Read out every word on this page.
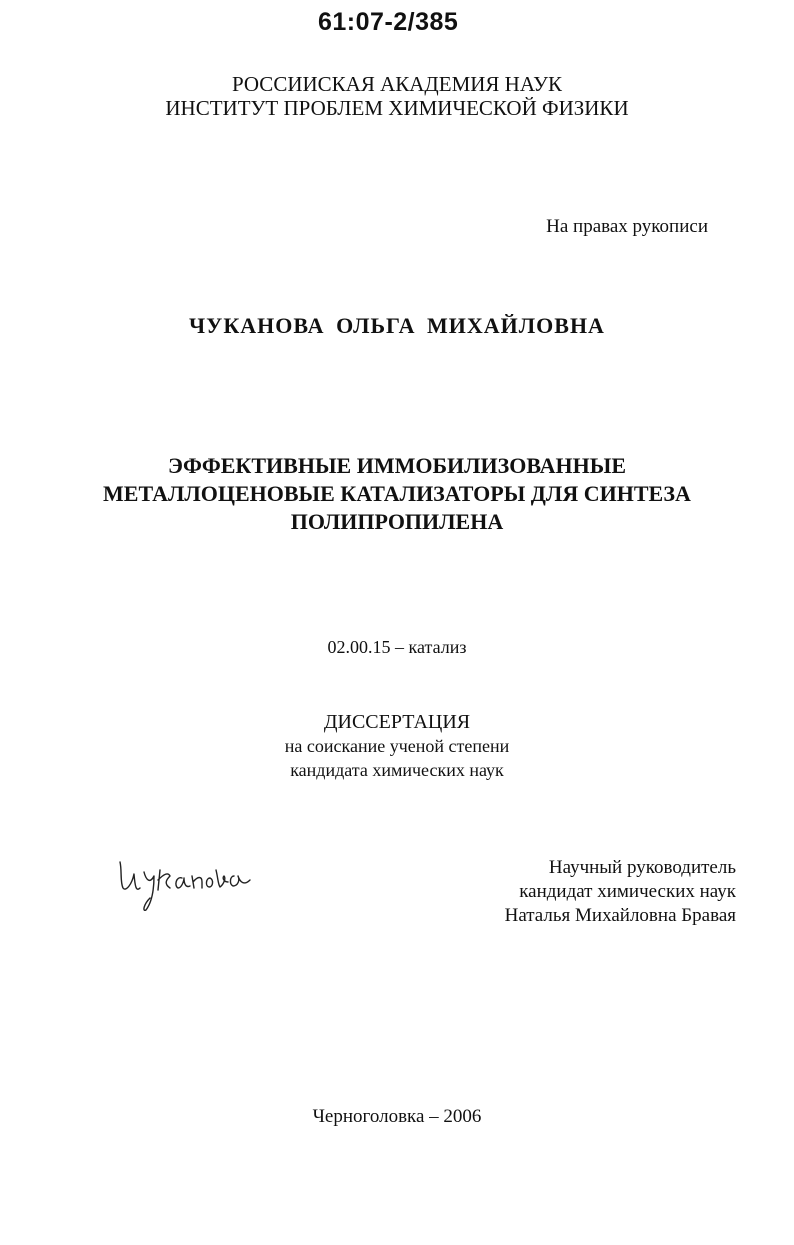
61:07-2/385
РОССИИСКАЯ АКАДЕМИЯ НАУК
ИНСТИТУТ ПРОБЛЕМ ХИМИЧЕСКОЙ ФИЗИКИ
На правах рукописи
ЧУКАНОВА ОЛЬГА МИХАЙЛОВНА
ЭФФЕКТИВНЫЕ ИММОБИЛИЗОВАННЫЕ
МЕТАЛЛОЦЕНОВЫЕ КАТАЛИЗАТОРЫ ДЛЯ СИНТЕЗА
ПОЛИПРОПИЛЕНА
02.00.15 – катализ
ДИССЕРТАЦИЯ
на соискание ученой степени
кандидата химических наук
Научный руководитель
кандидат химических наук
Наталья Михайловна Бравая
Черноголовка – 2006
